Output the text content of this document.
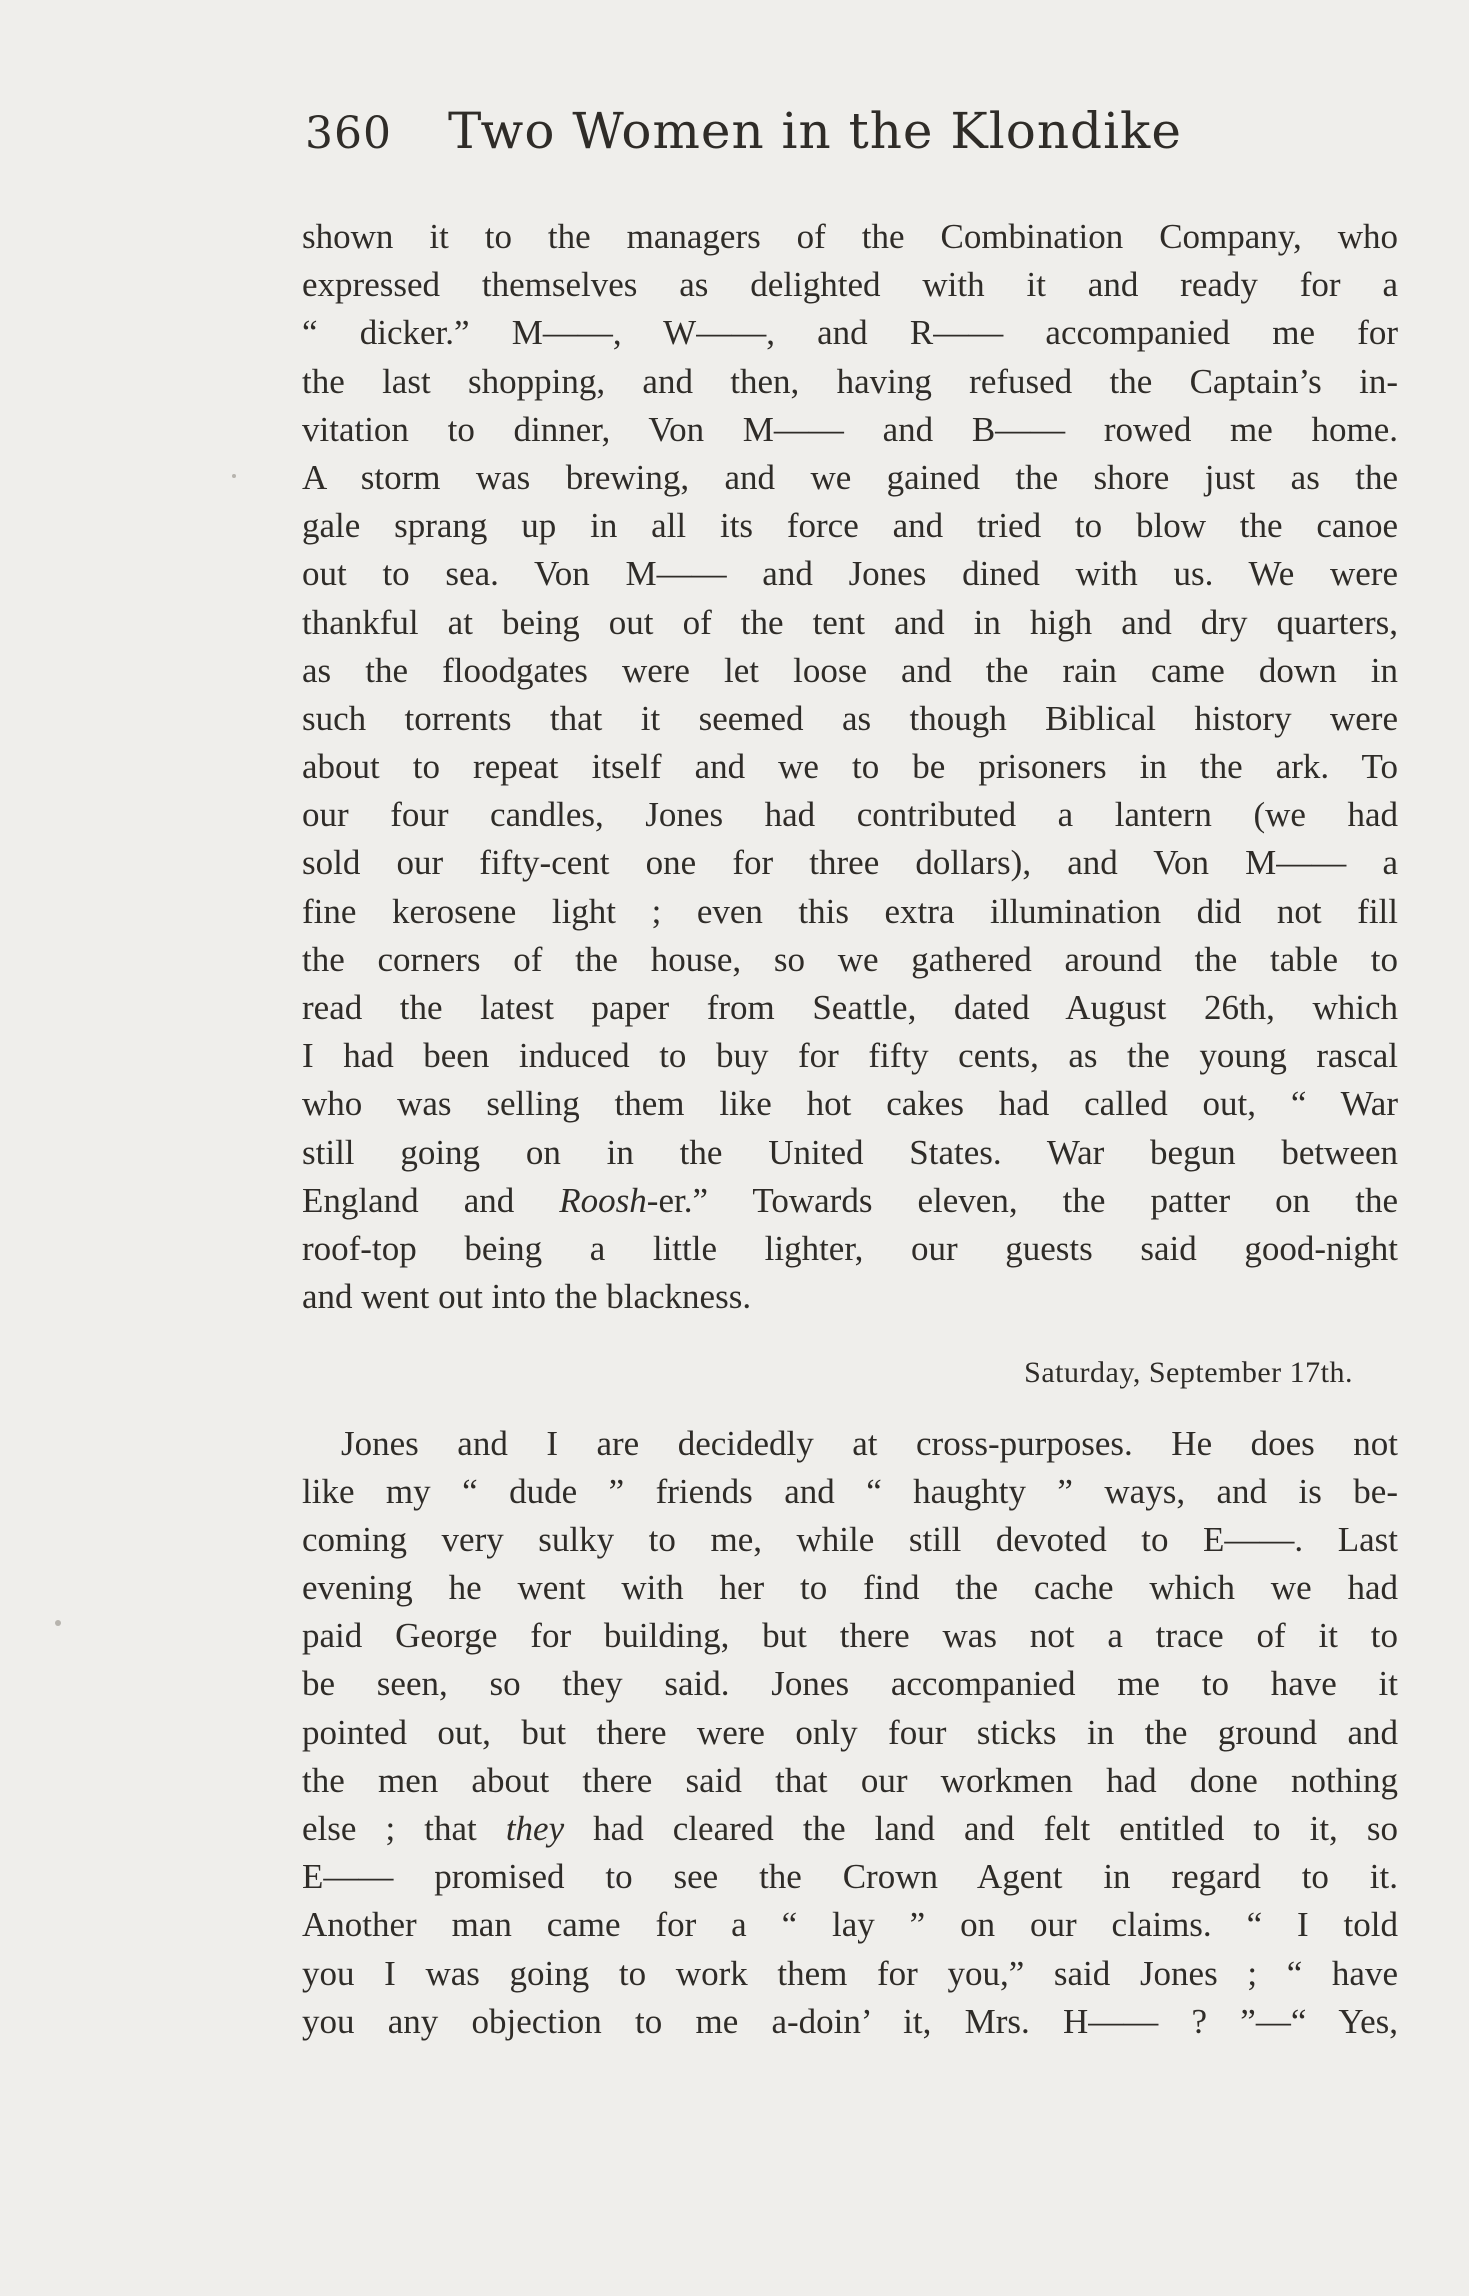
360 Two Women in the Klondike
shown it to the managers of the Combination Company, who
expressed themselves as delighted with it and ready for a
“ dicker.” M——, W——, and R—— accompanied me for
the last shopping, and then, having refused the Captain’s in-
vitation to dinner, Von M—— and B—— rowed me home.
A storm was brewing, and we gained the shore just as the
gale sprang up in all its force and tried to blow the canoe
out to sea. Von M—— and Jones dined with us. We were
thankful at being out of the tent and in high and dry quarters,
as the floodgates were let loose and the rain came down in
such torrents that it seemed as though Biblical history were
about to repeat itself and we to be prisoners in the ark. To
our four candles, Jones had contributed a lantern (we had
sold our fifty-cent one for three dollars), and Von M—— a
fine kerosene light ; even this extra illumination did not fill
the corners of the house, so we gathered around the table to
read the latest paper from Seattle, dated August 26th, which
I had been induced to buy for fifty cents, as the young rascal
who was selling them like hot cakes had called out, “ War
still going on in the United States. War begun between
England and Roosh-er.” Towards eleven, the patter on the
roof-top being a little lighter, our guests said good-night
and went out into the blackness.
Saturday, September 17th.
Jones and I are decidedly at cross-purposes. He does not
like my “ dude ” friends and “ haughty ” ways, and is be-
coming very sulky to me, while still devoted to E——. Last
evening he went with her to find the cache which we had
paid George for building, but there was not a trace of it to
be seen, so they said. Jones accompanied me to have it
pointed out, but there were only four sticks in the ground and
the men about there said that our workmen had done nothing
else ; that they had cleared the land and felt entitled to it, so
E—— promised to see the Crown Agent in regard to it.
Another man came for a “ lay ” on our claims. “ I told
you I was going to work them for you,” said Jones ; “ have
you any objection to me a-doin’ it, Mrs. H—— ? ”—“ Yes,
